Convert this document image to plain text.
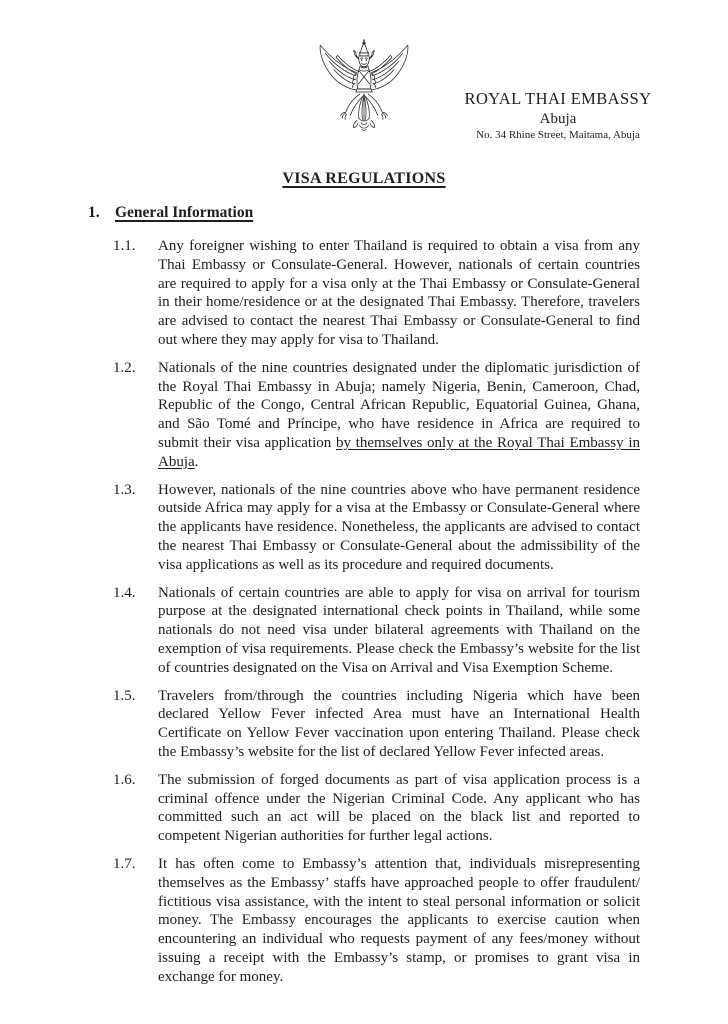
ROYAL THAI EMBASSY
Abuja
No. 34 Rhine Street, Maitama, Abuja
VISA REGULATIONS
1. General Information
1.1.	Any foreigner wishing to enter Thailand is required to obtain a visa from any Thai Embassy or Consulate-General. However, nationals of certain countries are required to apply for a visa only at the Thai Embassy or Consulate-General in their home/residence or at the designated Thai Embassy. Therefore, travelers are advised to contact the nearest Thai Embassy or Consulate-General to find out where they may apply for visa to Thailand.
1.2.	Nationals of the nine countries designated under the diplomatic jurisdiction of the Royal Thai Embassy in Abuja; namely Nigeria, Benin, Cameroon, Chad, Republic of the Congo, Central African Republic, Equatorial Guinea, Ghana, and São Tomé and Príncipe, who have residence in Africa are required to submit their visa application by themselves only at the Royal Thai Embassy in Abuja.
1.3.	However, nationals of the nine countries above who have permanent residence outside Africa may apply for a visa at the Embassy or Consulate-General where the applicants have residence. Nonetheless, the applicants are advised to contact the nearest Thai Embassy or Consulate-General about the admissibility of the visa applications as well as its procedure and required documents.
1.4.	Nationals of certain countries are able to apply for visa on arrival for tourism purpose at the designated international check points in Thailand, while some nationals do not need visa under bilateral agreements with Thailand on the exemption of visa requirements. Please check the Embassy’s website for the list of countries designated on the Visa on Arrival and Visa Exemption Scheme.
1.5.	Travelers from/through the countries including Nigeria which have been declared Yellow Fever infected Area must have an International Health Certificate on Yellow Fever vaccination upon entering Thailand. Please check the Embassy’s website for the list of declared Yellow Fever infected areas.
1.6.	The submission of forged documents as part of visa application process is a criminal offence under the Nigerian Criminal Code. Any applicant who has committed such an act will be placed on the black list and reported to competent Nigerian authorities for further legal actions.
1.7.	It has often come to Embassy’s attention that, individuals misrepresenting themselves as the Embassy’ staffs have approached people to offer fraudulent/ fictitious visa assistance, with the intent to steal personal information or solicit money. The Embassy encourages the applicants to exercise caution when encountering an individual who requests payment of any fees/money without issuing a receipt with the Embassy’s stamp, or promises to grant visa in exchange for money.
